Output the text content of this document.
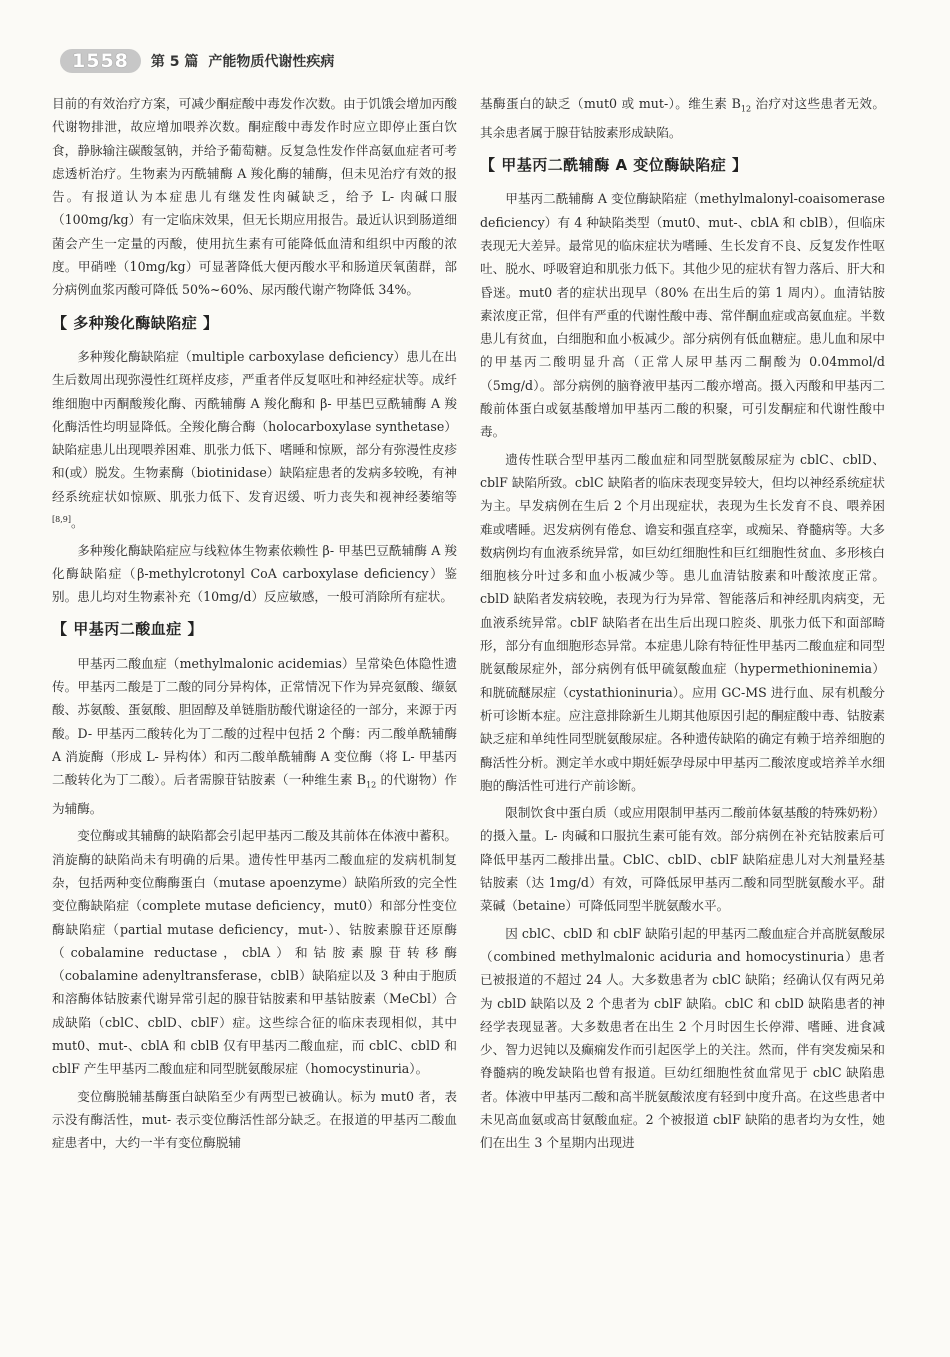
1558	第 5 篇 产能物质代谢性疾病

目前的有效治疗方案，可减少酮症酸中毒发作次数。由于饥饿会增加丙酸代谢物排泄，故应增加喂养次数。酮症酸中毒发作时应立即停止蛋白饮食，静脉输注碳酸氢钠，并给予葡萄糖。反复急性发作伴高氨血症者可考虑透析治疗。生物素为丙酰辅酶 A 羧化酶的辅酶，但未见治疗有效的报告。有报道认为本症患儿有继发性肉碱缺乏，给予 L- 肉碱口服（100mg/kg）有一定临床效果，但无长期应用报告。最近认识到肠道细菌会产生一定量的丙酸，使用抗生素有可能降低血清和组织中丙酸的浓度。甲硝唑（10mg/kg）可显著降低大便丙酸水平和肠道厌氧菌群，部分病例血浆丙酸可降低 50%~60%、尿丙酸代谢产物降低 34%。

【 多种羧化酶缺陷症 】

多种羧化酶缺陷症（multiple carboxylase deficiency）患儿在出生后数周出现弥漫性红斑样皮疹，严重者伴反复呕吐和神经症状等。成纤维细胞中丙酮酸羧化酶、丙酰辅酶 A 羧化酶和 β- 甲基巴豆酰辅酶 A 羧化酶活性均明显降低。全羧化酶合酶（holocarboxylase synthetase）缺陷症患儿出现喂养困难、肌张力低下、嗜睡和惊厥，部分有弥漫性皮疹和(或）脱发。生物素酶（biotinidase）缺陷症患者的发病多较晚，有神经系统症状如惊厥、肌张力低下、发育迟缓、听力丧失和视神经萎缩等[8,9]。

多种羧化酶缺陷症应与线粒体生物素依赖性 β- 甲基巴豆酰辅酶 A 羧化酶缺陷症（β-methylcrotonyl CoA carboxylase deficiency）鉴别。患儿均对生物素补充（10mg/d）反应敏感，一般可消除所有症状。

【 甲基丙二酸血症 】

甲基丙二酸血症（methylmalonic acidemias）呈常染色体隐性遗传。甲基丙二酸是丁二酸的同分异构体，正常情况下作为异亮氨酸、缬氨酸、苏氨酸、蛋氨酸、胆固醇及单链脂肪酸代谢途径的一部分，来源于丙酸。D- 甲基丙二酸转化为丁二酸的过程中包括 2 个酶：丙二酸单酰辅酶 A 消旋酶（形成 L- 异构体）和丙二酸单酰辅酶 A 变位酶（将 L- 甲基丙二酸转化为丁二酸）。后者需腺苷钴胺素（一种维生素 $B_{12}$ 的代谢物）作为辅酶。

变位酶或其辅酶的缺陷都会引起甲基丙二酸及其前体在体液中蓄积。消旋酶的缺陷尚未有明确的后果。遗传性甲基丙二酸血症的发病机制复杂，包括两种变位酶酶蛋白（mutase apoenzyme）缺陷所致的完全性变位酶缺陷症（complete mutase deficiency，mut0）和部分性变位酶缺陷症（partial mutase deficiency，mut-）、钴胺素腺苷还原酶（cobalamine reductase，cblA）和钴胺素腺苷转移酶（cobalamine adenyltransferase，cblB）缺陷症以及 3 种由于胞质和溶酶体钴胺素代谢异常引起的腺苷钴胺素和甲基钴胺素（MeCbl）合成缺陷（cblC、cblD、cblF）症。这些综合征的临床表现相似，其中 mut0、mut-、cblA 和 cblB 仅有甲基丙二酸血症，而 cblC、cblD 和 cblF 产生甲基丙二酸血症和同型胱氨酸尿症（homocystinuria）。

变位酶脱辅基酶蛋白缺陷至少有两型已被确认。标为 mut0 者，表示没有酶活性，mut- 表示变位酶活性部分缺乏。在报道的甲基丙二酸血症患者中，大约一半有变位酶脱辅

基酶蛋白的缺乏（mut0 或 mut-）。维生素 $B_{12}$ 治疗对这些患者无效。其余患者属于腺苷钴胺素形成缺陷。

【 甲基丙二酰辅酶 A 变位酶缺陷症 】

甲基丙二酰辅酶 A 变位酶缺陷症（methylmalonyl-coaisomerase deficiency）有 4 种缺陷类型（mut0、mut-、cblA 和 cblB），但临床表现无大差异。最常见的临床症状为嗜睡、生长发育不良、反复发作性呕吐、脱水、呼吸窘迫和肌张力低下。其他少见的症状有智力落后、肝大和昏迷。mut0 者的症状出现早（80% 在出生后的第 1 周内）。血清钴胺素浓度正常，但伴有严重的代谢性酸中毒、常伴酮血症或高氨血症。半数患儿有贫血，白细胞和血小板减少。部分病例有低血糖症。患儿血和尿中的甲基丙二酸明显升高（正常人尿甲基丙二酮酸为 0.04mmol/d（5mg/d）。部分病例的脑脊液甲基丙二酸亦增高。摄入丙酸和甲基丙二酸前体蛋白或氨基酸增加甲基丙二酸的积聚，可引发酮症和代谢性酸中毒。

遗传性联合型甲基丙二酸血症和同型胱氨酸尿症为 cblC、cblD、cblF 缺陷所致。cblC 缺陷者的临床表现变异较大，但均以神经系统症状为主。早发病例在生后 2 个月出现症状，表现为生长发育不良、喂养困难或嗜睡。迟发病例有倦怠、谵妄和强直痉挛，或痴呆、脊髓病等。大多数病例均有血液系统异常，如巨幼红细胞性和巨红细胞性贫血、多形核白细胞核分叶过多和血小板减少等。患儿血清钴胺素和叶酸浓度正常。cblD 缺陷者发病较晚，表现为行为异常、智能落后和神经肌肉病变，无血液系统异常。cblF 缺陷者在出生后出现口腔炎、肌张力低下和面部畸形，部分有血细胞形态异常。本症患儿除有特征性甲基丙二酸血症和同型胱氨酸尿症外，部分病例有低甲硫氨酸血症（hypermethioninemia）和胱硫醚尿症（cystathioninuria）。应用 GC-MS 进行血、尿有机酸分析可诊断本症。应注意排除新生儿期其他原因引起的酮症酸中毒、钴胺素缺乏症和单纯性同型胱氨酸尿症。各种遗传缺陷的确定有赖于培养细胞的酶活性分析。测定羊水或中期妊娠孕母尿中甲基丙二酸浓度或培养羊水细胞的酶活性可进行产前诊断。

限制饮食中蛋白质（或应用限制甲基丙二酸前体氨基酸的特殊奶粉）的摄入量。L- 肉碱和口服抗生素可能有效。部分病例在补充钴胺素后可降低甲基丙二酸排出量。CblC、cblD、cblF 缺陷症患儿对大剂量羟基钴胺素（达 1mg/d）有效，可降低尿甲基丙二酸和同型胱氨酸水平。甜菜碱（betaine）可降低同型半胱氨酸水平。

因 cblC、cblD 和 cblF 缺陷引起的甲基丙二酸血症合并高胱氨酸尿（combined methylmalonic aciduria and homocystinuria）患者已被报道的不超过 24 人。大多数患者为 cblC 缺陷；经确认仅有两兄弟为 cblD 缺陷以及 2 个患者为 cblF 缺陷。cblC 和 cblD 缺陷患者的神经学表现显著。大多数患者在出生 2 个月时因生长停滞、嗜睡、进食减少、智力迟钝以及癫痫发作而引起医学上的关注。然而，伴有突发痴呆和脊髓病的晚发缺陷也曾有报道。巨幼红细胞性贫血常见于 cblC 缺陷患者。体液中甲基丙二酸和高半胱氨酸浓度有轻到中度升高。在这些患者中未见高血氨或高甘氨酸血症。2 个被报道 cblF 缺陷的患者均为女性，她们在出生 3 个星期内出现进
